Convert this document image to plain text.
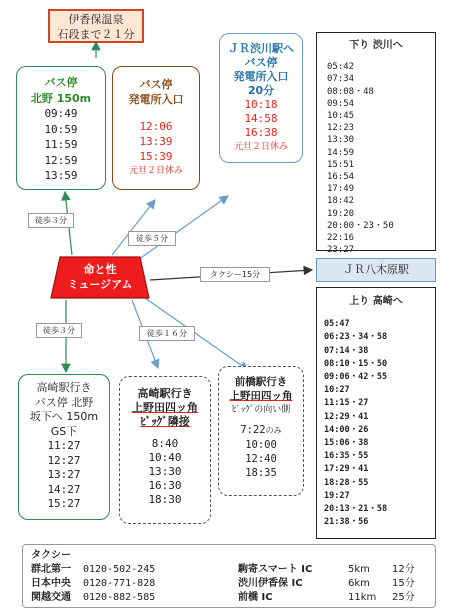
伊香保温泉
石段まで２１分
バス停
北野 150m
09:49
10:59
11:59
12:59
13:59
バス停
発電所入口
12:06
13:39
15:39
元旦２日休み
ＪＲ渋川駅へ
バス停
発電所入口
20分
10:18
14:58
16:38
元旦２日休み
下り 渋川へ
05:42
07:34
08:08・48
09:54
10:45
12:23
13:30
14:59
15:51
16:54
17:49
18:42
19:20
20:00・23・50
22:16
23:27
ＪＲ八木原駅
上り 高崎へ
05:47
06:23・34・58
07:14・38
08:10・15・50
09:06・42・55
10:27
11:15・27
12:29・41
14:00・26
15:06・38
16:35・55
17:29・41
18:28・55
19:27
20:13・21・58
21:38・56
命と性
ミュージアム
徒歩３分
徒歩５分
タクシー15分
徒歩３分	徒歩１６分
高崎駅行き
バス停 北野
坂下へ 150m
GS下
11:27
12:27
13:27
14:27
15:27
高崎駅行き
上野田四ッ角
ﾋﾞｯｸﾞ隣接
8:40
10:40
13:30
16:30
18:30
前橋駅行き
上野田四ッ角
ﾋﾞｯｸﾞの向い側
7:22のみ
10:00
12:40
18:35
タクシー
群北第一 0120-502-245
日本中央 0120-771-828
関越交通 0120-882-585
駒寄スマート IC	5km 12分
渋川伊香保 IC	6km 15分
前橋 IC	11km 25分
